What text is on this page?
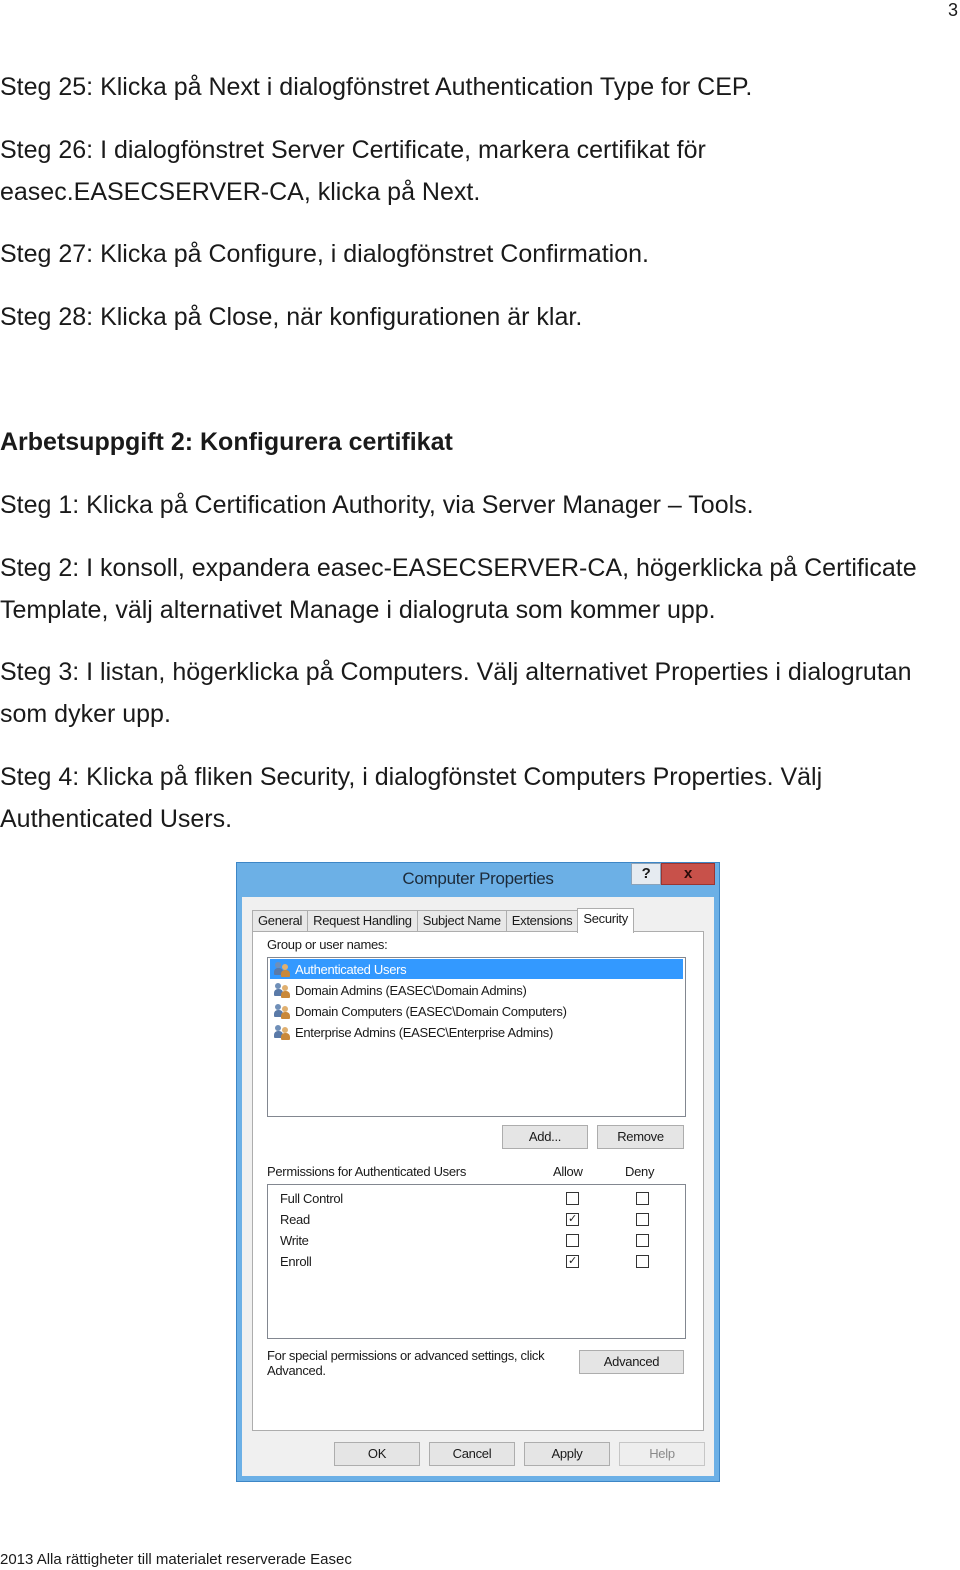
3

Steg 25: Klicka på Next i dialogfönstret Authentication Type for CEP.

Steg 26: I dialogfönstret Server Certificate, markera certifikat för easec.EASECSERVER-CA, klicka på Next.

Steg 27: Klicka på Configure, i dialogfönstret Confirmation.

Steg 28: Klicka på Close, när konfigurationen är klar.

Arbetsuppgift 2: Konfigurera certifikat

Steg 1: Klicka på Certification Authority, via Server Manager – Tools.

Steg 2: I konsoll, expandera easec-EASECSERVER-CA, högerklicka på Certificate Template, välj alternativet Manage i dialogruta som kommer upp.

Steg 3: I listan, högerklicka på Computers. Välj alternativet Properties i dialogrutan som dyker upp.

Steg 4: Klicka på fliken Security, i dialogfönstet Computers Properties. Välj Authenticated Users.

Computer Properties	?	x
General Request Handling Subject Name Extensions Security
Group or user names:
Authenticated Users
Domain Admins (EASEC\Domain Admins)
Domain Computers (EASEC\Domain Computers)
Enterprise Admins (EASEC\Enterprise Admins)
Add...	Remove
Permissions for Authenticated Users	Allow	Deny
Full Control
Read	✓
Write
Enroll	✓
For special permissions or advanced settings, click Advanced.
Advanced
OK	Cancel	Apply	Help
2013 Alla rättigheter till materialet reserverade Easec
